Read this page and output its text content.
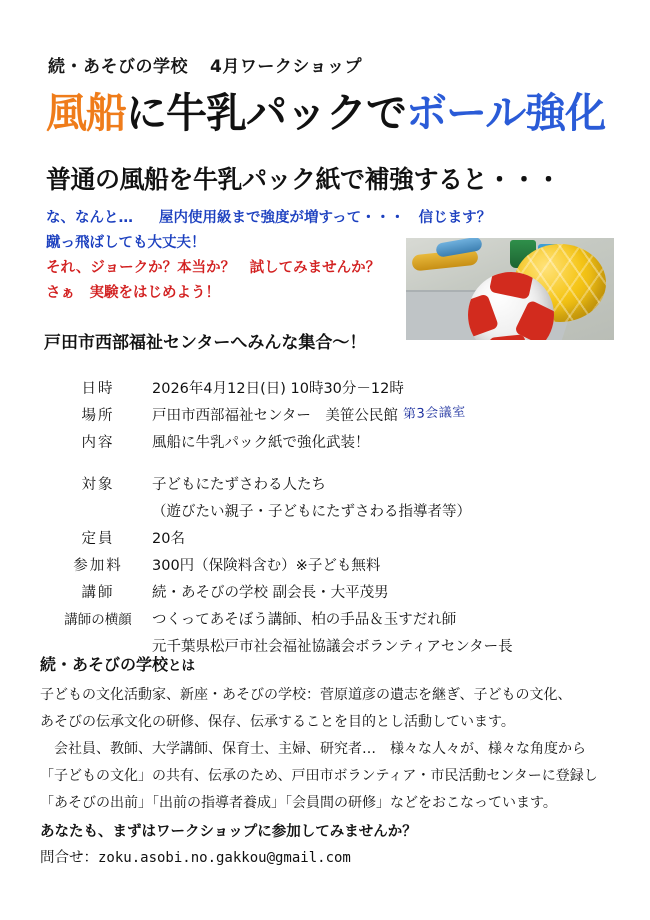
続・あそびの学校 4月ワークショップ
風船に牛乳パックでボール強化
普通の風船を牛乳パック紙で補強すると・・・
な、なんと… 屋内使用級まで強度が増すって・・・ 信じます？
蹴っ飛ばしても大丈夫！
それ、ジョークか？本当か？　試してみませんか？
さぁ　実験をはじめよう！
戸田市西部福祉センターへみんな集合〜！
日時	2026年4月12日(日) 10時30分－12時
場所	戸田市西部福祉センター　美笹公民館 第3会議室
内容	風船に牛乳パック紙で強化武装！
対象	子どもにたずさわる人たち
（遊びたい親子・子どもにたずさわる指導者等）
定員	20名
参加料	300円（保険料含む）※子ども無料
講師	続・あそびの学校 副会長・大平茂男
講師の横顔	つくってあそぼう講師、柏の手品＆玉すだれ師
元千葉県松戸市社会福祉協議会ボランティアセンター長
続・あそびの学校とは
子どもの文化活動家、新座・あそびの学校：菅原道彦の遺志を継ぎ、子どもの文化、
あそびの伝承文化の研修、保存、伝承することを目的とし活動しています。
会社員、教師、大学講師、保育士、主婦、研究者…　様々な人々が、様々な角度から
「子どもの文化」の共有、伝承のため、戸田市ボランティア・市民活動センターに登録し
「あそびの出前」「出前の指導者養成」「会員間の研修」などをおこなっています。
あなたも、まずはワークショップに参加してみませんか？
問合せ：zoku.asobi.no.gakkou@gmail.com
